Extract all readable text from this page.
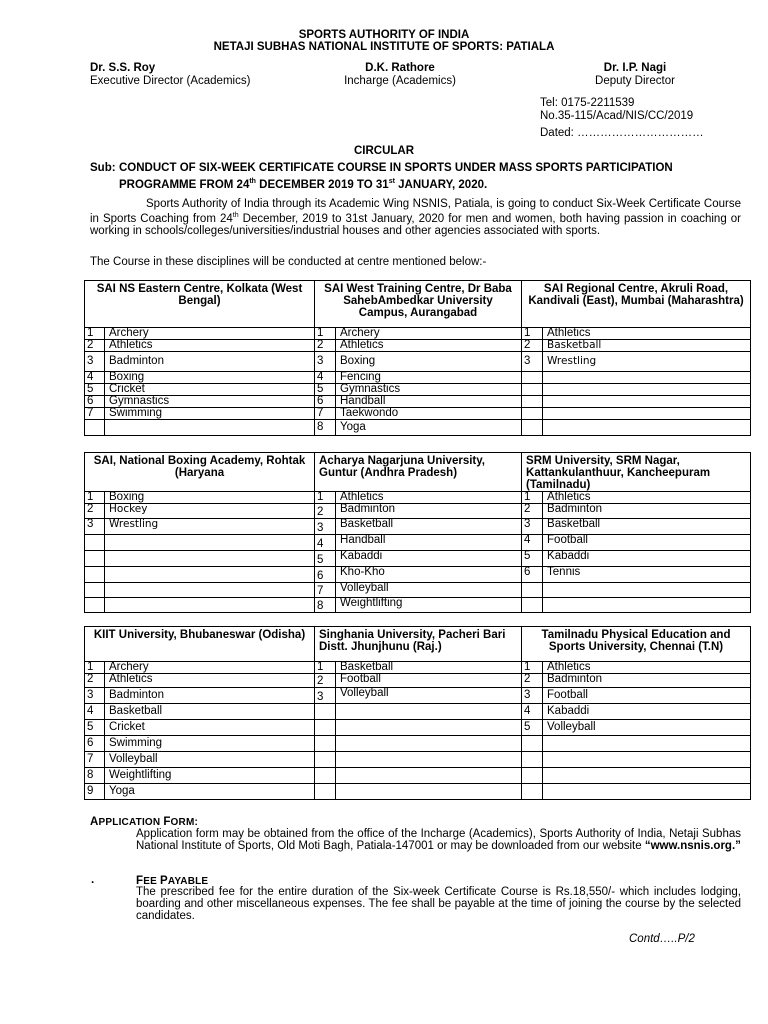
SPORTS AUTHORITY OF INDIA
NETAJI SUBHAS NATIONAL INSTITUTE OF SPORTS: PATIALA
Dr. S.S. Roy
Executive Director (Academics)
D.K. Rathore
Incharge (Academics)
Dr. I.P. Nagi
Deputy Director
Tel: 0175-2211539
No.35-115/Acad/NIS/CC/2019
Dated: ……………………………
CIRCULAR
Sub: CONDUCT OF SIX-WEEK CERTIFICATE COURSE IN SPORTS UNDER MASS SPORTS PARTICIPATION PROGRAMME FROM 24th DECEMBER 2019 TO 31st JANUARY, 2020.
Sports Authority of India through its Academic Wing NSNIS, Patiala, is going to conduct Six-Week Certificate Course in Sports Coaching from 24th December, 2019 to 31st January, 2020 for men and women, both having passion in coaching or working in schools/colleges/universities/industrial houses and other agencies associated with sports.
The Course in these disciplines will be conducted at centre mentioned below:-
SAI NS Eastern Centre, Kolkata (West Bengal)		SAI West Training Centre, Dr Baba SahebAmbedkar University Campus, Aurangabad		SAI Regional Centre, Akruli Road, Kandivali (East), Mumbai (Maharashtra)	
1	Archery	1	Archery	1	Athletics
2	Athletics	2	Athletics	2	Basketball
3	Badminton	3	Boxing	3	Wrestling
4	Boxing	4	Fencing		
5	Cricket	5	Gymnastics		
6	Gymnastics	6	Handball		
7	Swimming	7	Taekwondo		
		8	Yoga		
SAI, National Boxing Academy, Rohtak (Haryana		Acharya Nagarjuna University, Guntur (Andhra Pradesh)		SRM University, SRM Nagar, Kattankulanthuur, Kancheepuram (Tamilnadu)	
1	Boxing	1	Athletics	1	Athletics
2	Hockey	2	Badminton	2	Badminton
3	Wrestling	3	Basketball	3	Basketball
		4	Handball	4	Football
		5	Kabaddi	5	Kabaddi
		6	Kho-Kho	6	Tennis
		7	Volleyball		
		8	Weightlifting		
KIIT University, Bhubaneswar (Odisha)		Singhania University, Pacheri Bari Distt. Jhunjhunu (Raj.)		Tamilnadu Physical Education and Sports University, Chennai (T.N)	
1	Archery	1	Basketball	1	Athletics
2	Athletics	2	Football	2	Badminton
3	Badminton	3	Volleyball	3	Football
4	Basketball			4	Kabaddi
5	Cricket			5	Volleyball
6	Swimming				
7	Volleyball				
8	Weightlifting				
9	Yoga				
APPLICATION FORM:
Application form may be obtained from the office of the Incharge (Academics), Sports Authority of India, Netaji Subhas National Institute of Sports, Old Moti Bagh, Patiala-147001 or may be downloaded from our website “www.nsnis.org.”
.	FEE PAYABLE
The prescribed fee for the entire duration of the Six-week Certificate Course is Rs.18,550/- which includes lodging, boarding and other miscellaneous expenses. The fee shall be payable at the time of joining the course by the selected candidates.
Contd…..P/2
